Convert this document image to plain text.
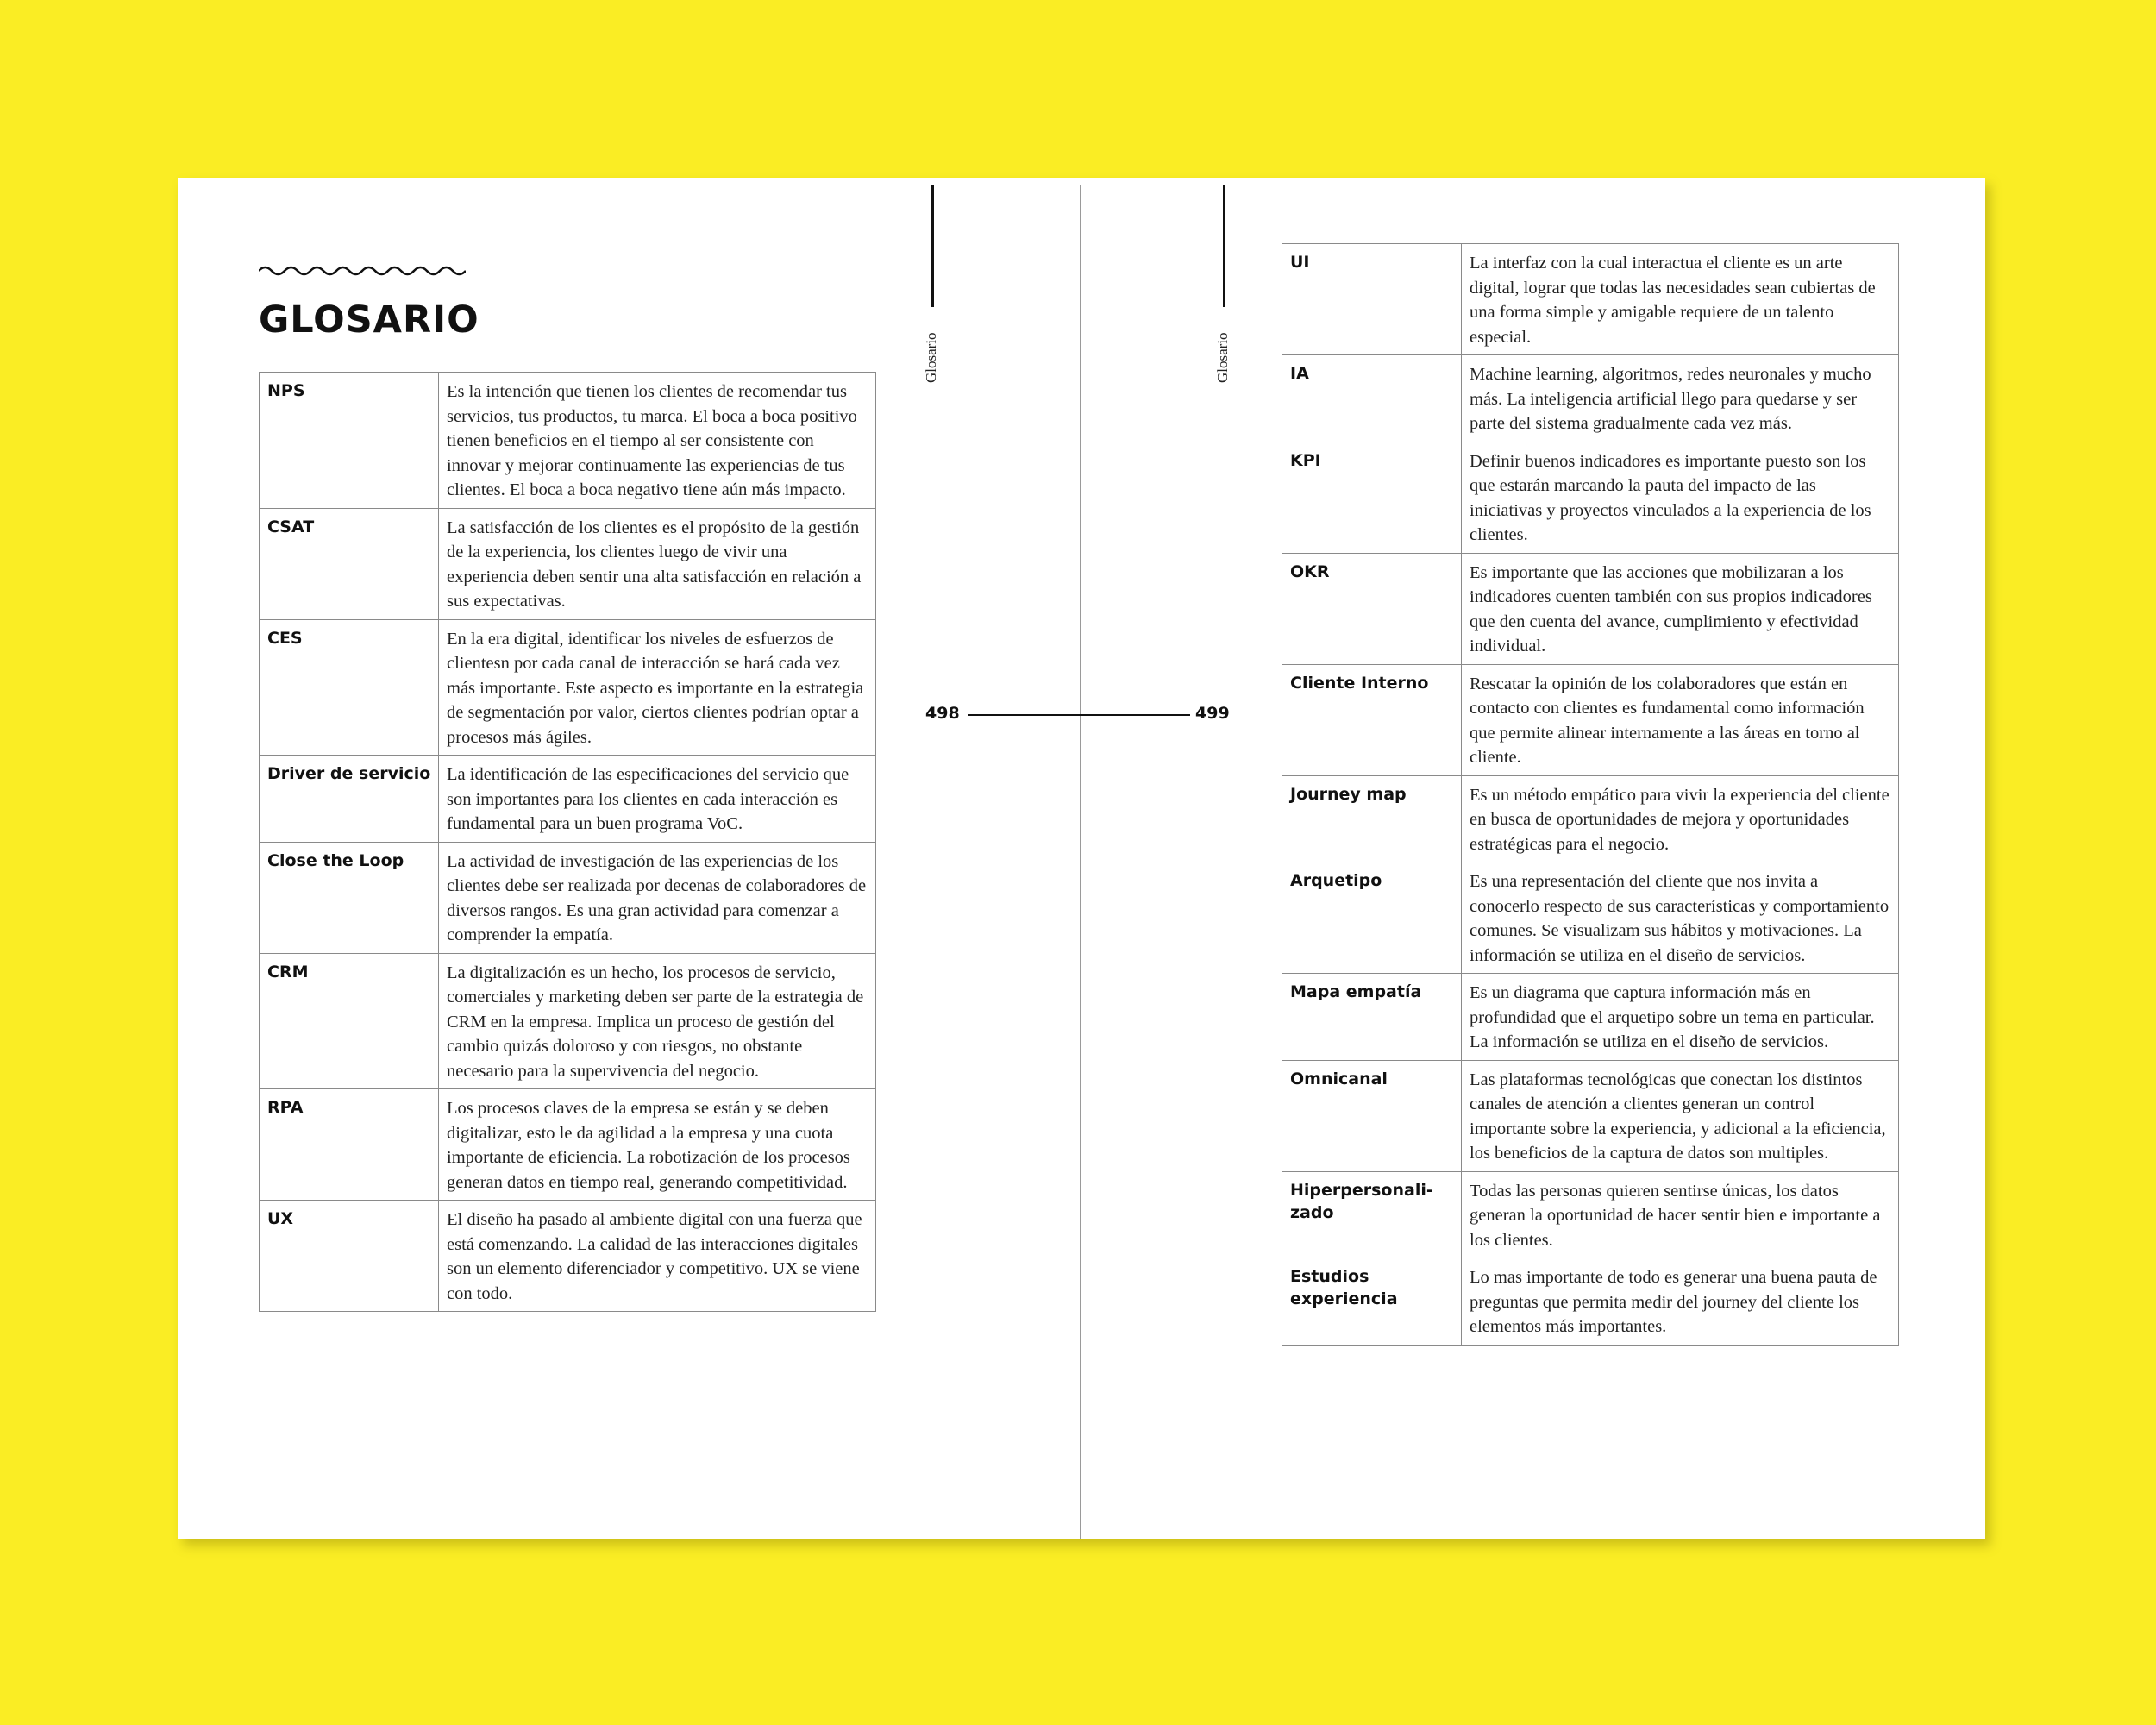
GLOSARIO
Glosario	Glosario
498	499
NPS	Es la intención que tienen los clientes de recomendar tus servicios, tus productos, tu marca. El boca a boca positivo tienen beneficios en el tiempo al ser consistente con innovar y mejorar continuamente las experiencias de tus clientes. El boca a boca negativo tiene aún más impacto.
CSAT	La satisfacción de los clientes es el propósito de la gestión de la experiencia, los clientes luego de vivir una experiencia deben sentir una alta satisfacción en relación a sus expectativas.
CES	En la era digital, identificar los niveles de esfuerzos de clientesn por cada canal de interacción se hará cada vez más importante. Este aspecto es importante en la estrategia de segmentación por valor, ciertos clientes podrían optar a procesos más ágiles.
Driver de servicio	La identificación de las especificaciones del servicio que son importantes para los clientes en cada interacción es fundamental para un buen programa VoC.
Close the Loop	La actividad de investigación de las experiencias de los clientes debe ser realizada por decenas de colaboradores de diversos rangos. Es una gran actividad para comenzar a comprender la empatía.
CRM	La digitalización es un hecho, los procesos de servicio, comerciales y marketing deben ser parte de la estrategia de CRM en la empresa. Implica un proceso de gestión del cambio quizás doloroso y con riesgos, no obstante necesario para la supervivencia del negocio.
RPA	Los procesos claves de la empresa se están y se deben digitalizar, esto le da agilidad a la empresa y una cuota importante de eficiencia. La robotización de los procesos generan datos en tiempo real, generando competitividad.
UX	El diseño ha pasado al ambiente digital con una fuerza que está comenzando. La calidad de las interacciones digitales son un elemento diferenciador y competitivo. UX se viene con todo.
UI	La interfaz con la cual interactua el cliente es un arte digital, lograr que todas las necesidades sean cubiertas de una forma simple y amigable requiere de un talento especial.
IA	Machine learning, algoritmos, redes neuronales y mucho más. La inteligencia artificial llego para quedarse y ser parte del sistema gradualmente cada vez más.
KPI	Definir buenos indicadores es importante puesto son los que estarán marcando la pauta del impacto de las iniciativas y proyectos vinculados a la experiencia de los clientes.
OKR	Es importante que las acciones que mobilizaran a los indicadores cuenten también con sus propios indicadores que den cuenta del avance, cumplimiento y efectividad individual.
Cliente Interno	Rescatar la opinión de los colaboradores que están en contacto con clientes es fundamental como información que permite alinear internamente a las áreas en torno al cliente.
Journey map	Es un método empático para vivir la experiencia del cliente en busca de oportunidades de mejora y oportunidades estratégicas para el negocio.
Arquetipo	Es una representación del cliente que nos invita a conocerlo respecto de sus características y comportamiento comunes. Se visualizam sus hábitos y motivaciones. La información se utiliza en el diseño de servicios.
Mapa empatía	Es un diagrama que captura información más en profundidad que el arquetipo sobre un tema en particular. La información se utiliza en el diseño de servicios.
Omnicanal	Las plataformas tecnológicas que conectan los distintos canales de atención a clientes generan un control importante sobre la experiencia, y adicional a la eficiencia, los beneficios de la captura de datos son multiples.
Hiperpersonali-zado	Todas las personas quieren sentirse únicas, los datos generan la oportunidad de hacer sentir bien e importante a los clientes.
Estudios experiencia	Lo mas importante de todo es generar una buena pauta de preguntas que permita medir del journey del cliente los elementos más importantes.
